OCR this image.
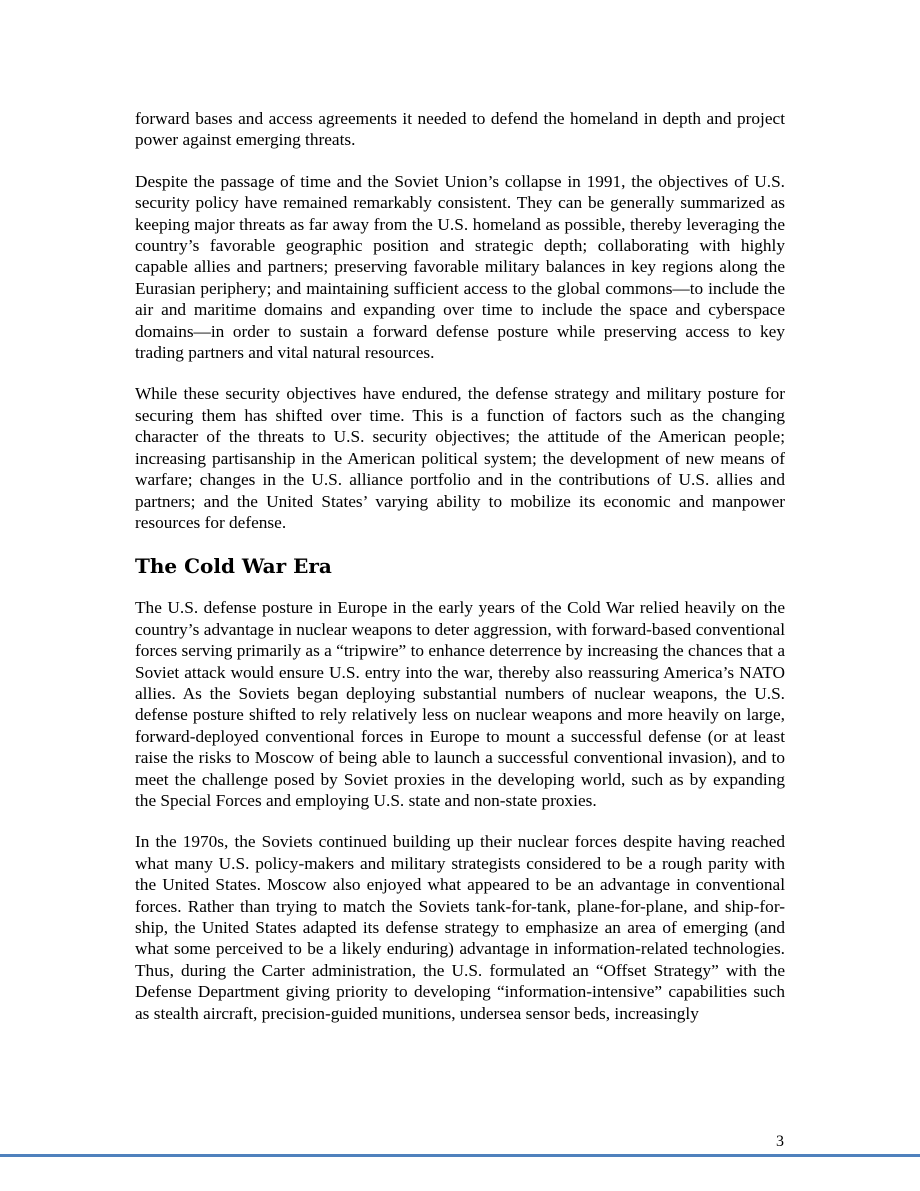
forward bases and access agreements it needed to defend the homeland in depth and project power against emerging threats.

Despite the passage of time and the Soviet Union’s collapse in 1991, the objectives of U.S. security policy have remained remarkably consistent. They can be generally summarized as keeping major threats as far away from the U.S. homeland as possible, thereby leveraging the country’s favorable geographic position and strategic depth; collaborating with highly capable allies and partners; preserving favorable military balances in key regions along the Eurasian periphery; and maintaining sufficient access to the global commons—to include the air and maritime domains and expanding over time to include the space and cyberspace domains—in order to sustain a forward defense posture while preserving access to key trading partners and vital natural resources.

While these security objectives have endured, the defense strategy and military posture for securing them has shifted over time. This is a function of factors such as the changing character of the threats to U.S. security objectives; the attitude of the American people; increasing partisanship in the American political system; the development of new means of warfare; changes in the U.S. alliance portfolio and in the contributions of U.S. allies and partners; and the United States’ varying ability to mobilize its economic and manpower resources for defense.

The Cold War Era

The U.S. defense posture in Europe in the early years of the Cold War relied heavily on the country’s advantage in nuclear weapons to deter aggression, with forward-based conventional forces serving primarily as a “tripwire” to enhance deterrence by increasing the chances that a Soviet attack would ensure U.S. entry into the war, thereby also reassuring America’s NATO allies. As the Soviets began deploying substantial numbers of nuclear weapons, the U.S. defense posture shifted to rely relatively less on nuclear weapons and more heavily on large, forward-deployed conventional forces in Europe to mount a successful defense (or at least raise the risks to Moscow of being able to launch a successful conventional invasion), and to meet the challenge posed by Soviet proxies in the developing world, such as by expanding the Special Forces and employing U.S. state and non-state proxies.

In the 1970s, the Soviets continued building up their nuclear forces despite having reached what many U.S. policy-makers and military strategists considered to be a rough parity with the United States. Moscow also enjoyed what appeared to be an advantage in conventional forces. Rather than trying to match the Soviets tank-for-tank, plane-for-plane, and ship-for-ship, the United States adapted its defense strategy to emphasize an area of emerging (and what some perceived to be a likely enduring) advantage in information-related technologies. Thus, during the Carter administration, the U.S. formulated an “Offset Strategy” with the Defense Department giving priority to developing “information-intensive” capabilities such as stealth aircraft, precision-guided munitions, undersea sensor beds, increasingly

3
